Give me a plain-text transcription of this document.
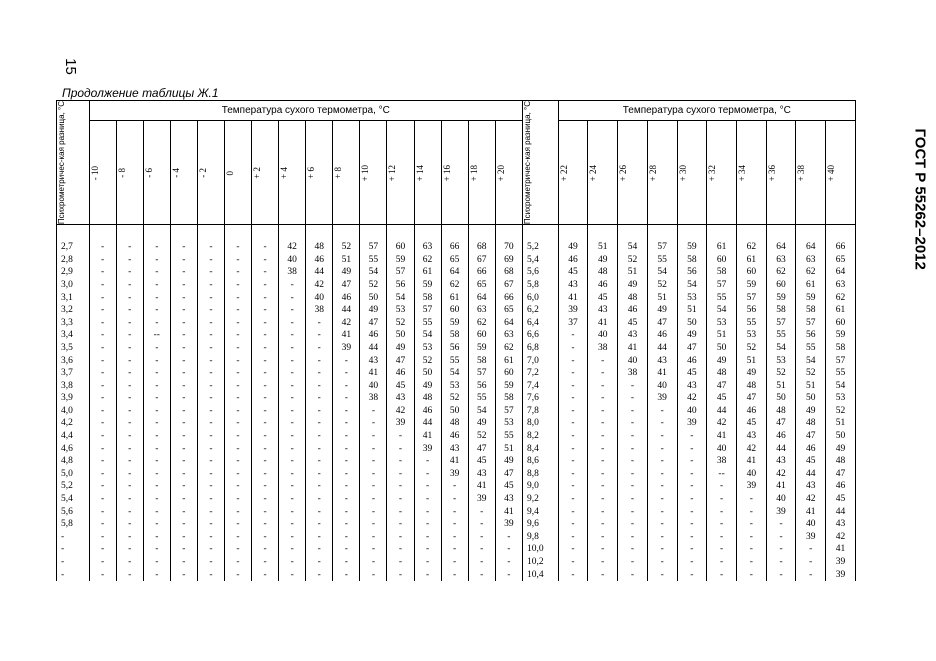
15
ГОСТ Р 55262–2012
Продолжение таблицы Ж.1
Психрометричес-кая разница, °С	Температура сухого термометра, °С																Психрометричес-кая разница, °С	Температура сухого термометра, °С									

	- 10	- 8	- 6	- 4	- 2	0	+ 2	+ 4	+ 6	+ 8	+ 10	+ 12	+ 14	+ 16	+ 18	+ 20		+ 22	+ 24	+ 26	+ 28	+ 30	+ 32	+ 34	+ 36	+ 38	+ 40

2,7	-	-	-	-	-	-	-	42	48	52	57	60	63	66	68	70	5,2	49	51	54	57	59	61	62	64	64	66
2,8	-	-	-	-	-	-	-	40	46	51	55	59	62	65	67	69	5,4	46	49	52	55	58	60	61	63	63	65
2,9	-	-	-	-	-	-	-	38	44	49	54	57	61	64	66	68	5,6	45	48	51	54	56	58	60	62	62	64
3,0	-	-	-	-	-	-	-	-	42	47	52	56	59	62	65	67	5,8	43	46	49	52	54	57	59	60	61	63
3,1	-	-	-	-	-	-	-	-	40	46	50	54	58	61	64	66	6,0	41	45	48	51	53	55	57	59	59	62
3,2	-	-	-	-	-	-	-	-	38	44	49	53	57	60	63	65	6,2	39	43	46	49	51	54	56	58	58	61
3,3	-	-	-	-	-	-	-	-	-	42	47	52	55	59	62	64	6,4	37	41	45	47	50	53	55	57	57	60
3,4	-	-	--	-	-	-	-	-	-	41	46	50	54	58	60	63	6,6	-	40	43	46	49	51	53	55	56	59
3,5	-	-	-	-	-	-	-	-	-	39	44	49	53	56	59	62	6,8	-	38	41	44	47	50	52	54	55	58
3,6	-	-	-	-	-	-	-	-	-	-	43	47	52	55	58	61	7,0	-	-	40	43	46	49	51	53	54	57
3,7	-	-	-	-	-	-	-	-	-	-	41	46	50	54	57	60	7,2	-	-	38	41	45	48	49	52	52	55
3,8	-	-	-	-	-	-	-	-	-	-	40	45	49	53	56	59	7,4	-	-	-	40	43	47	48	51	51	54
3,9	-	-	-	-	-	-	-	-	-	-	38	43	48	52	55	58	7,6	-	-	-	39	42	45	47	50	50	53
4,0	-	-	-	-	-	-	-	-	-	-	-	42	46	50	54	57	7,8	-	-	-	-	40	44	46	48	49	52
4,2	-	-	-	-	-	-	-	-	-	-	-	39	44	48	49	53	8,0	-	-	-	-	39	42	45	47	48	51
4,4	-	-	-	-	-	-	-	-	-	-	-	-	41	46	52	55	8,2	-	-	-	-	-	41	43	46	47	50
4,6	-	-	-	-	-	-	-	-	-	-	-	-	39	43	47	51	8,4	-	-	-	-	-	40	42	44	46	49
4,8	-	-	-	-	-	-	-	-	-	-	-	-	-	41	45	49	8,6	-	-	-	-	-	38	41	43	45	48
5,0	-	-	-	-	-	-	-	-	-	-	-	-	-	39	43	47	8,8	-	-	-	-	-	--	40	42	44	47
5,2	-	-	-	-	-	-	-	-	-	-	-	-	-	-	41	45	9,0	-	-	-	-	-	-	39	41	43	46
5,4	-	-	-	-	-	-	-	-	-	-	-	-	-	-	39	43	9,2	-	-	-	-	-	-	-	40	42	45
5,6	-	-	-	-	-	-	-	-	-	-	-	-	-	-	-	41	9,4	-	-	-	-	-	-	-	39	41	44
5,8	-	-	-	-	-	-	-	-	-	-	-	-	-	-	-	39	9,6	-	-	-	-	-	-	-	-	40	43
-	-	-	-	-	-	-	-	-	-	-	-	-	-	-	-	-	9,8	-	-	-	-	-	-	-	-	39	42
-	-	-	-	-	-	-	-	-	-	-	-	-	-	-	-	-	10,0	-	-	-	-	-	-	-	-	-	41
-	-	-	-	-	-	-	-	-	-	-	-	-	-	-	-	-	10,2	-	-	-	-	-	-	-	-	-	39
-	-	-	-	-	-	-	-	-	-	-	-	-	-	-	-	-	10,4	-	-	-	-	-	-	-	-	-	39
